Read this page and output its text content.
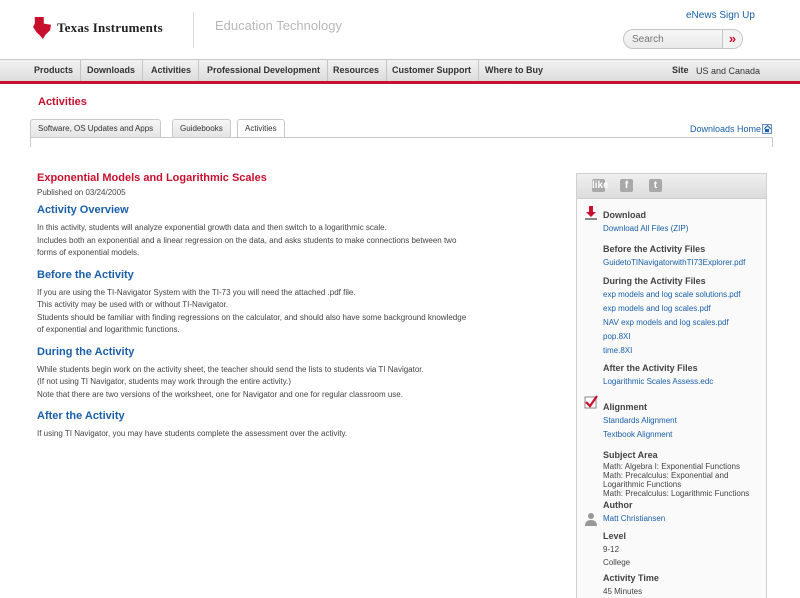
Texas Instruments	Education Technology
eNews Sign Up
Search
»
Products	Downloads	Activities	Professional Development	Resources	Customer Support	Where to Buy	Site US and Canada
Activities
Software, OS Updates and Apps	Guidebooks	Activities	Downloads Home
Exponential Models and Logarithmic Scales
Published on 03/24/2005
Activity Overview

In this activity, students will analyze exponential growth data and then switch to a logarithmic scale.

Includes both an exponential and a linear regression on the data, and asks students to make connections between two

forms of exponential models.

Before the Activity

If you are using the TI-Navigator System with the TI-73 you will need the attached .pdf file.

This activity may be used with or without TI-Navigator.

Students should be familiar with finding regressions on the calculator, and should also have some background knowledge

of exponential and logarithmic functions.

During the Activity

While students begin work on the activity sheet, the teacher should send the lists to students via TI Navigator.

(If not using TI Navigator, students may work through the entire activity.)

Note that there are two versions of the worksheet, one for Navigator and one for regular classroom use.

After the Activity

If using TI Navigator, you may have students complete the assessment over the activity.

like	f	t
Download
Download All Files (ZIP)
Before the Activity Files
GuidetoTINavigatorwithTI73Explorer.pdf
During the Activity Files
exp models and log scale solutions.pdf
exp models and log scales.pdf
NAV exp models and log scales.pdf
pop.8XI
time.8XI
After the Activity Files
Logarithmic Scales Assess.edc
Alignment
Standards Alignment
Textbook Alignment
Subject Area
Math: Algebra I: Exponential Functions
Math: Precalculus: Exponential and
Logarithmic Functions
Math: Precalculus: Logarithmic Functions
Author
Matt Christiansen
Level
9-12
College
Activity Time
45 Minutes
